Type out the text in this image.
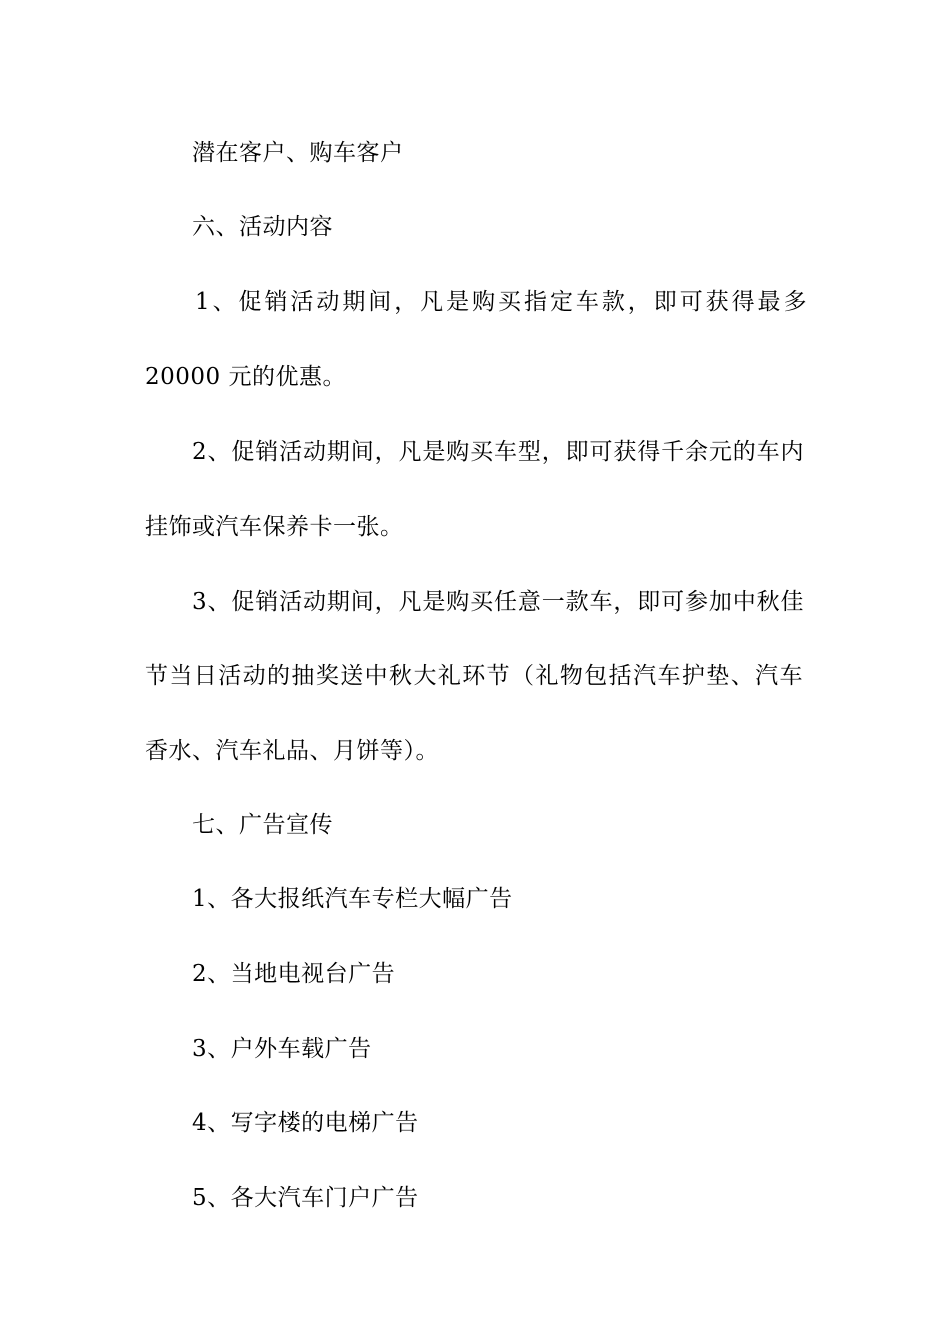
潜在客户、购车客户
六、活动内容
1、促销活动期间，凡是购买指定车款，即可获得最多
20000 元的优惠。
2、促销活动期间，凡是购买车型，即可获得千余元的车内
挂饰或汽车保养卡一张。
3、促销活动期间，凡是购买任意一款车，即可参加中秋佳
节当日活动的抽奖送中秋大礼环节（礼物包括汽车护垫、汽车
香水、汽车礼品、月饼等）。
七、广告宣传
1、各大报纸汽车专栏大幅广告
2、当地电视台广告
3、户外车载广告
4、写字楼的电梯广告
5、各大汽车门户广告
